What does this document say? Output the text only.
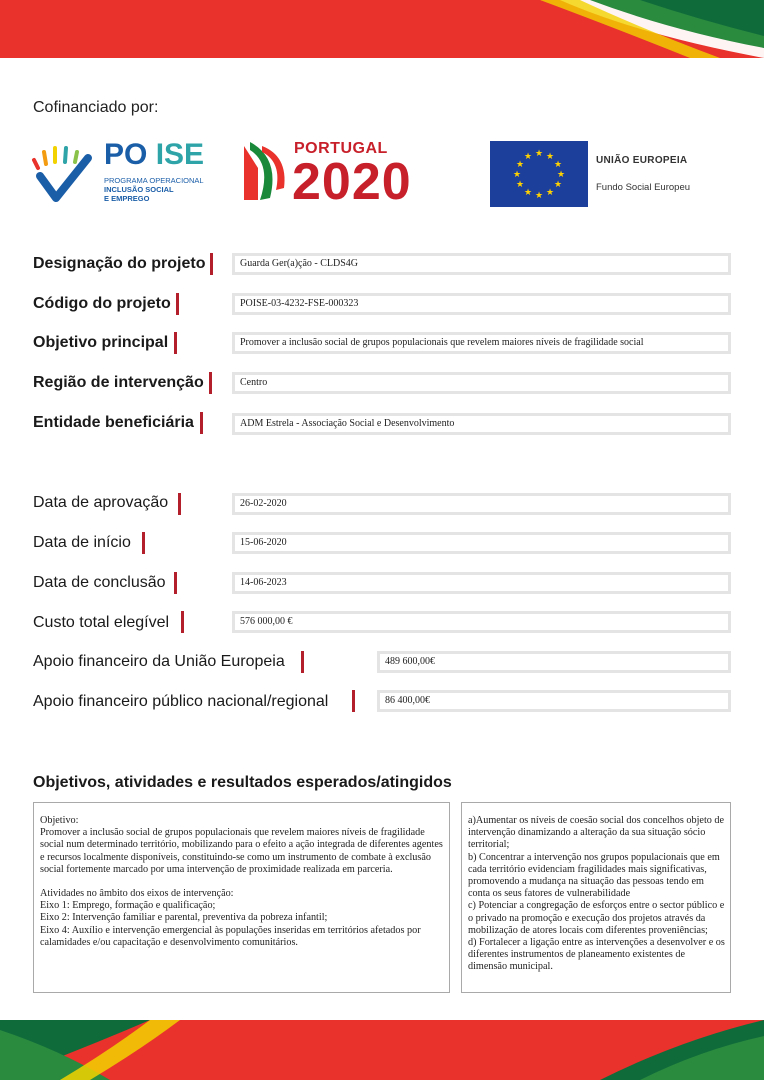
Cofinanciado por:
PO ISE
PROGRAMA OPERACIONAL
INCLUSÃO SOCIAL
E EMPREGO
PORTUGAL
2020	★ ★
★
★
★
★
★
★
★
★
★
★	UNIÃO EUROPEIA
Fundo Social Europeu
Designação do projeto	Guarda Ger(a)ção - CLDS4G
Código do projeto	POISE-03-4232-FSE-000323
Objetivo principal	Promover a inclusão social de grupos populacionais que revelem maiores níveis de fragilidade social
Região de intervenção	Centro
Entidade beneficiária	ADM Estrela - Associação Social e Desenvolvimento
Data de aprovação	26-02-2020
Data de início	15-06-2020
Data de conclusão	14-06-2023
Custo total elegível	576 000,00 €
Apoio financeiro da União Europeia	489 600,00€
Apoio financeiro público nacional/regional	86 400,00€
Objetivos, atividades e resultados esperados/atingidos

Objetivo:
Promover a inclusão social de grupos populacionais que revelem maiores níveis de fragilidade social num determinado território, mobilizando para o efeito a ação integrada de diferentes agentes e recursos localmente disponíveis, constituindo-se como um instrumento de combate à exclusão social fortemente marcado por uma intervenção de proximidade realizada em parceria.

Atividades no âmbito dos eixos de intervenção:
Eixo 1: Emprego, formação e qualificação;
Eixo 2: Intervenção familiar e parental, preventiva da pobreza infantil;
Eixo 4: Auxílio e intervenção emergencial às populações inseridas em territórios afetados por calamidades e/ou capacitação e desenvolvimento comunitários.

a)Aumentar os níveis de coesão social dos concelhos objeto de intervenção dinamizando a alteração da sua situação sócio territorial;
b) Concentrar a intervenção nos grupos populacionais que em cada território evidenciam fragilidades mais significativas, promovendo a mudança na situação das pessoas tendo em conta os seus fatores de vulnerabilidade
c) Potenciar a congregação de esforços entre o sector público e o privado na promoção e execução dos projetos através da mobilização de atores locais com diferentes proveniências;
d) Fortalecer a ligação entre as intervenções a desenvolver e os diferentes instrumentos de planeamento existentes de dimensão municipal.
